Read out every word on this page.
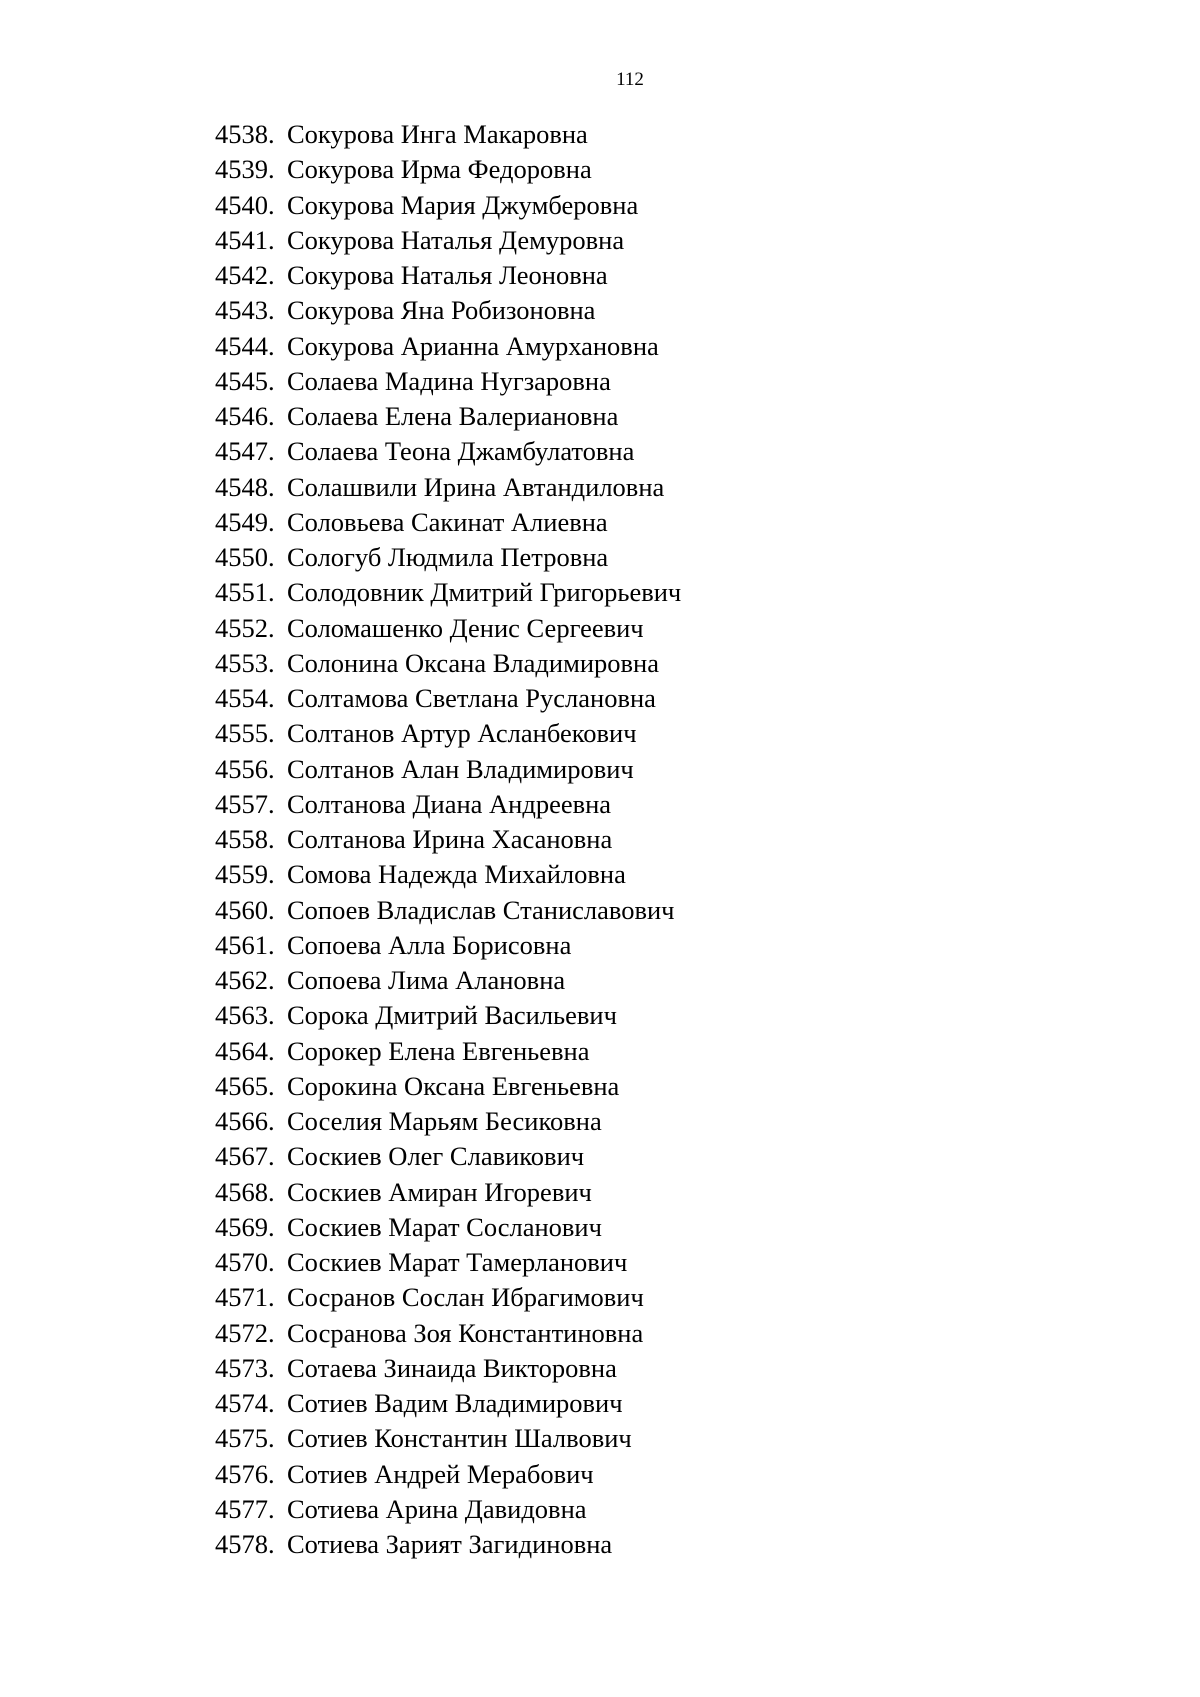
112
4538. Сокурова Инга Макаровна
4539. Сокурова Ирма Федоровна
4540. Сокурова Мария Джумберовна
4541. Сокурова Наталья Демуровна
4542. Сокурова Наталья Леоновна
4543. Сокурова Яна Робизоновна
4544. Сокурова Арианна Амурхановна
4545. Солаева Мадина Нугзаровна
4546. Солаева Елена Валериановна
4547. Солаева Теона Джамбулатовна
4548. Солашвили Ирина Автандиловна
4549. Соловьева Сакинат Алиевна
4550. Сологуб Людмила Петровна
4551. Солодовник Дмитрий Григорьевич
4552. Соломашенко Денис Сергеевич
4553. Солонина Оксана Владимировна
4554. Солтамова Светлана Руслановна
4555. Солтанов Артур Асланбекович
4556. Солтанов Алан Владимирович
4557. Солтанова Диана Андреевна
4558. Солтанова Ирина Хасановна
4559. Сомова Надежда Михайловна
4560. Сопоев Владислав Станиславович
4561. Сопоева Алла Борисовна
4562. Сопоева Лима Алановна
4563. Сорока Дмитрий Васильевич
4564. Сорокер Елена Евгеньевна
4565. Сорокина Оксана Евгеньевна
4566. Соселия Марьям Бесиковна
4567. Соскиев Олег Славикович
4568. Соскиев Амиран Игоревич
4569. Соскиев Марат Сосланович
4570. Соскиев Марат Тамерланович
4571. Сосранов Сослан Ибрагимович
4572. Сосранова Зоя Константиновна
4573. Сотаева Зинаида Викторовна
4574. Сотиев Вадим Владимирович
4575. Сотиев Константин Шалвович
4576. Сотиев Андрей Мерабович
4577. Сотиева Арина Давидовна
4578. Сотиева Зарият Загидиновна
